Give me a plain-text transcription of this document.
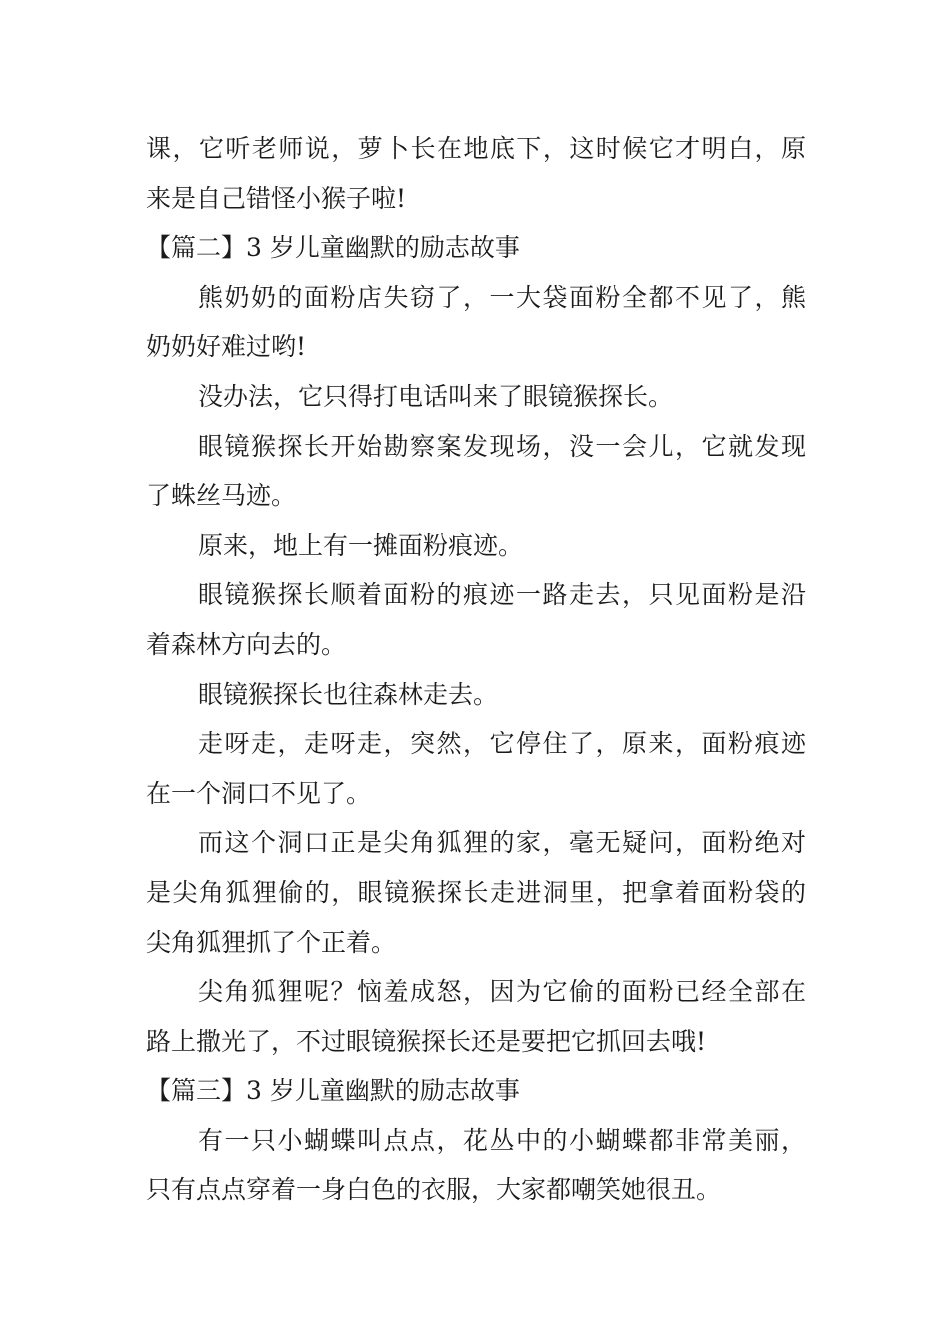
课，它听老师说，萝卜长在地底下，这时候它才明白，原
来是自己错怪小猴子啦!
【篇二】3 岁儿童幽默的励志故事
熊奶奶的面粉店失窃了，一大袋面粉全都不见了，熊
奶奶好难过哟!
没办法，它只得打电话叫来了眼镜猴探长。
眼镜猴探长开始勘察案发现场，没一会儿，它就发现
了蛛丝马迹。
原来，地上有一摊面粉痕迹。
眼镜猴探长顺着面粉的痕迹一路走去，只见面粉是沿
着森林方向去的。
眼镜猴探长也往森林走去。
走呀走，走呀走，突然，它停住了，原来，面粉痕迹
在一个洞口不见了。
而这个洞口正是尖角狐狸的家，毫无疑问，面粉绝对
是尖角狐狸偷的，眼镜猴探长走进洞里，把拿着面粉袋的
尖角狐狸抓了个正着。
尖角狐狸呢？恼羞成怒，因为它偷的面粉已经全部在
路上撒光了，不过眼镜猴探长还是要把它抓回去哦!
【篇三】3 岁儿童幽默的励志故事
有一只小蝴蝶叫点点，花丛中的小蝴蝶都非常美丽，
只有点点穿着一身白色的衣服，大家都嘲笑她很丑。
